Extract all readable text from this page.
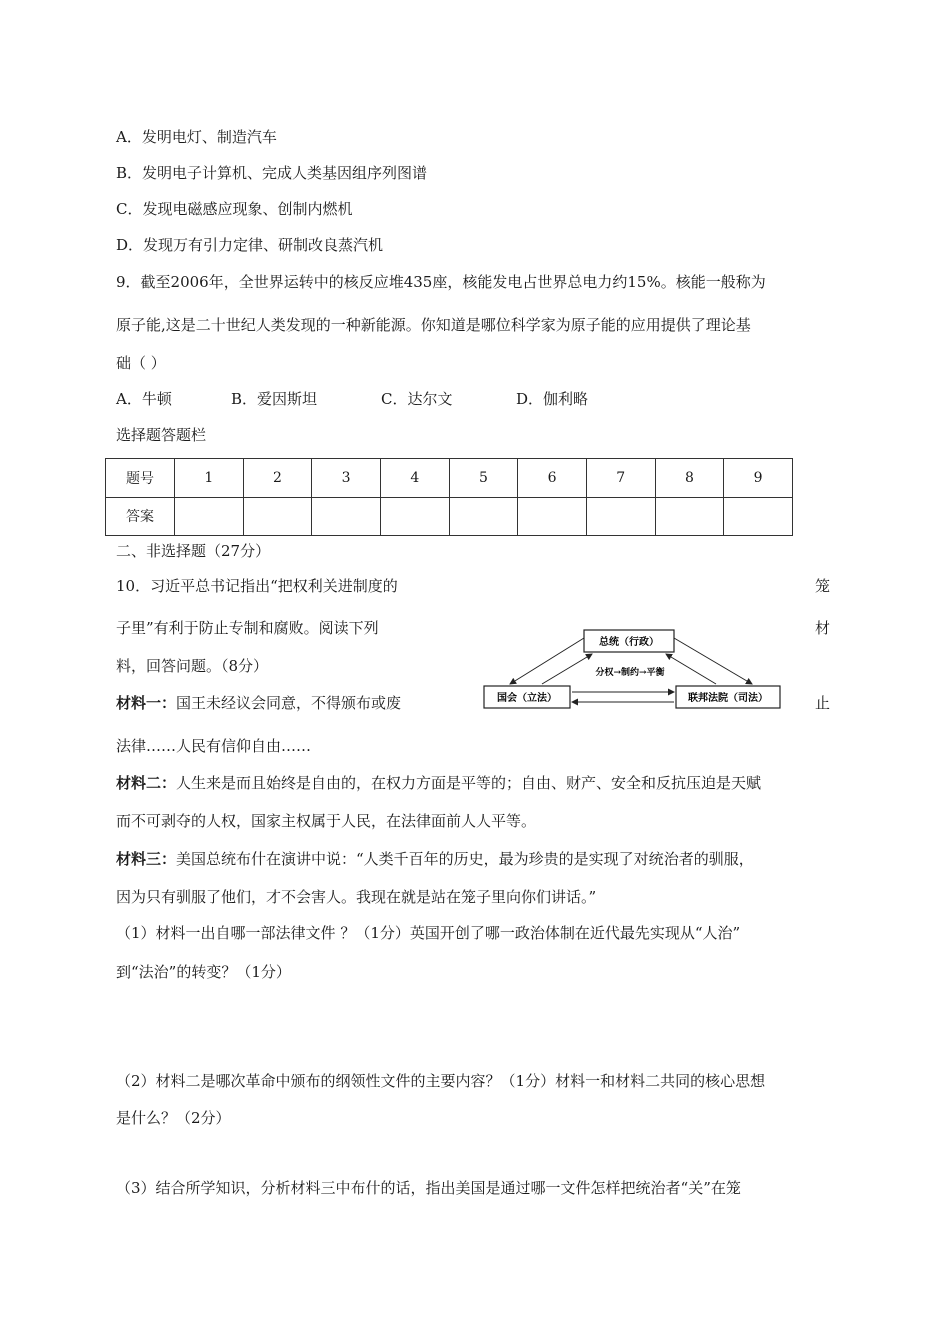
A．发明电灯、制造汽车
B．发明电子计算机、完成人类基因组序列图谱
C．发现电磁感应现象、创制内燃机
D．发现万有引力定律、研制改良蒸汽机
9．截至2006年，全世界运转中的核反应堆435座，核能发电占世界总电力约15%。核能一般称为
原子能,这是二十世纪人类发现的一种新能源。你知道是哪位科学家为原子能的应用提供了理论基
础（ ）
A．牛顿	B．爱因斯坦	C．达尔文	D．伽利略
选择题答题栏
题号	1	2	3	4	5	6	7	8	9
答案									
二、非选择题（27分）
10．习近平总书记指出“把权利关进制度的	笼
子里”有利于防止专制和腐败。阅读下列	材
料，回答问题。（8分）
材料一：国王未经议会同意，不得颁布或废	止
法律……人民有信仰自由……
材料二：人生来是而且始终是自由的，在权力方面是平等的；自由、财产、安全和反抗压迫是天赋
而不可剥夺的人权，国家主权属于人民，在法律面前人人平等。
材料三：美国总统布什在演讲中说：“人类千百年的历史，最为珍贵的是实现了对统治者的驯服，
因为只有驯服了他们，才不会害人。我现在就是站在笼子里向你们讲话。”
（1）材料一出自哪一部法律文件 ？（1分）英国开创了哪一政治体制在近代最先实现从“人治”
到“法治”的转变？（1分）
（2）材料二是哪次革命中颁布的纲领性文件的主要内容？（1分）材料一和材料二共同的核心思想
是什么？（2分）
（3）结合所学知识，分析材料三中布什的话，指出美国是通过哪一文件怎样把统治者“关”在笼
总统（行政）
国会（立法）	联邦法院（司法）
分权→制约→平衡
